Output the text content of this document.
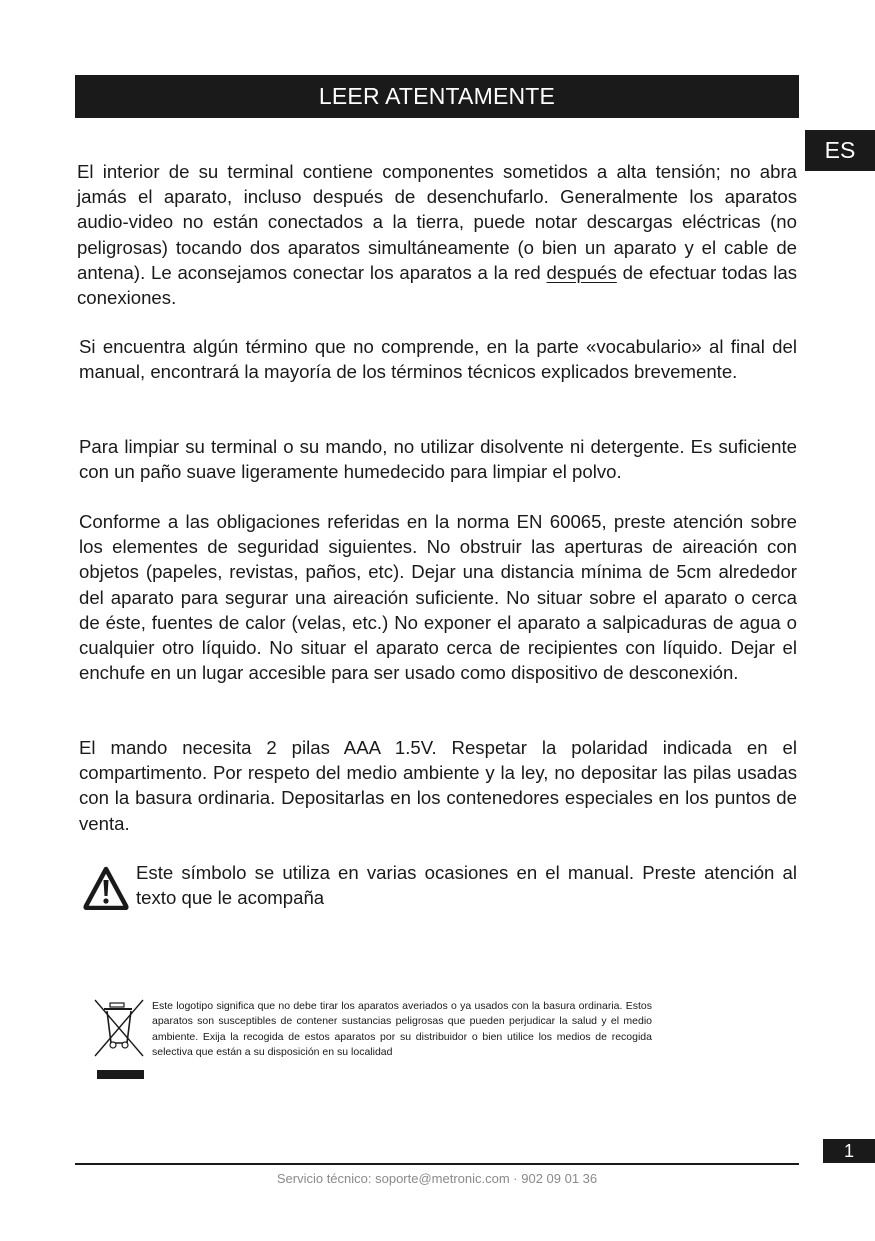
LEER ATENTAMENTE
ES

El interior de su terminal contiene componentes sometidos a alta tensión; no abra jamás el aparato, incluso después de desenchufarlo. Generalmente los aparatos audio-video no están conectados a la tierra, puede notar descargas eléctricas (no peligrosas) tocando dos aparatos simultáneamente (o bien un aparato y el cable de antena). Le aconsejamos conectar los aparatos a la red después de efectuar todas las conexiones.

Si encuentra algún término que no comprende, en la parte «vocabulario» al final del manual, encontrará la mayoría de los términos técnicos explicados brevemente.

Para limpiar su terminal o su mando, no utilizar disolvente ni detergente. Es suficiente con un paño suave ligeramente humedecido para limpiar el polvo.

Conforme a las obligaciones referidas en la norma EN 60065, preste atención sobre los elementes de seguridad siguientes. No obstruir las aperturas de aireación con objetos (papeles, revistas, paños, etc). Dejar una distancia mínima de 5cm alrededor del aparato para segurar una aireación suficiente. No situar sobre el aparato o cerca de éste, fuentes de calor (velas, etc.) No exponer el aparato a salpicaduras de agua o cualquier otro líquido. No situar el aparato cerca de recipientes con líquido. Dejar el enchufe en un lugar accesible para ser usado como dispositivo de desconexión.

El mando necesita 2 pilas AAA 1.5V. Respetar la polaridad indicada en el compartimento. Por respeto del medio ambiente y la ley, no depositar las pilas usadas con la basura ordinaria. Depositarlas en los contenedores especiales en los puntos de venta.

Este símbolo se utiliza en varias ocasiones en el manual. Preste atención al texto que le acompaña

Este logotipo significa que no debe tirar los aparatos averiados o ya usados con la basura ordinaria. Estos aparatos son susceptibles de contener sustancias peligrosas que pueden perjudicar la salud y el medio ambiente. Exija la recogida de estos aparatos por su distribuidor o bien utilice los medios de recogida selectiva que están a su disposición en su localidad

1
Servicio técnico: soporte@metronic.com · 902 09 01 36
